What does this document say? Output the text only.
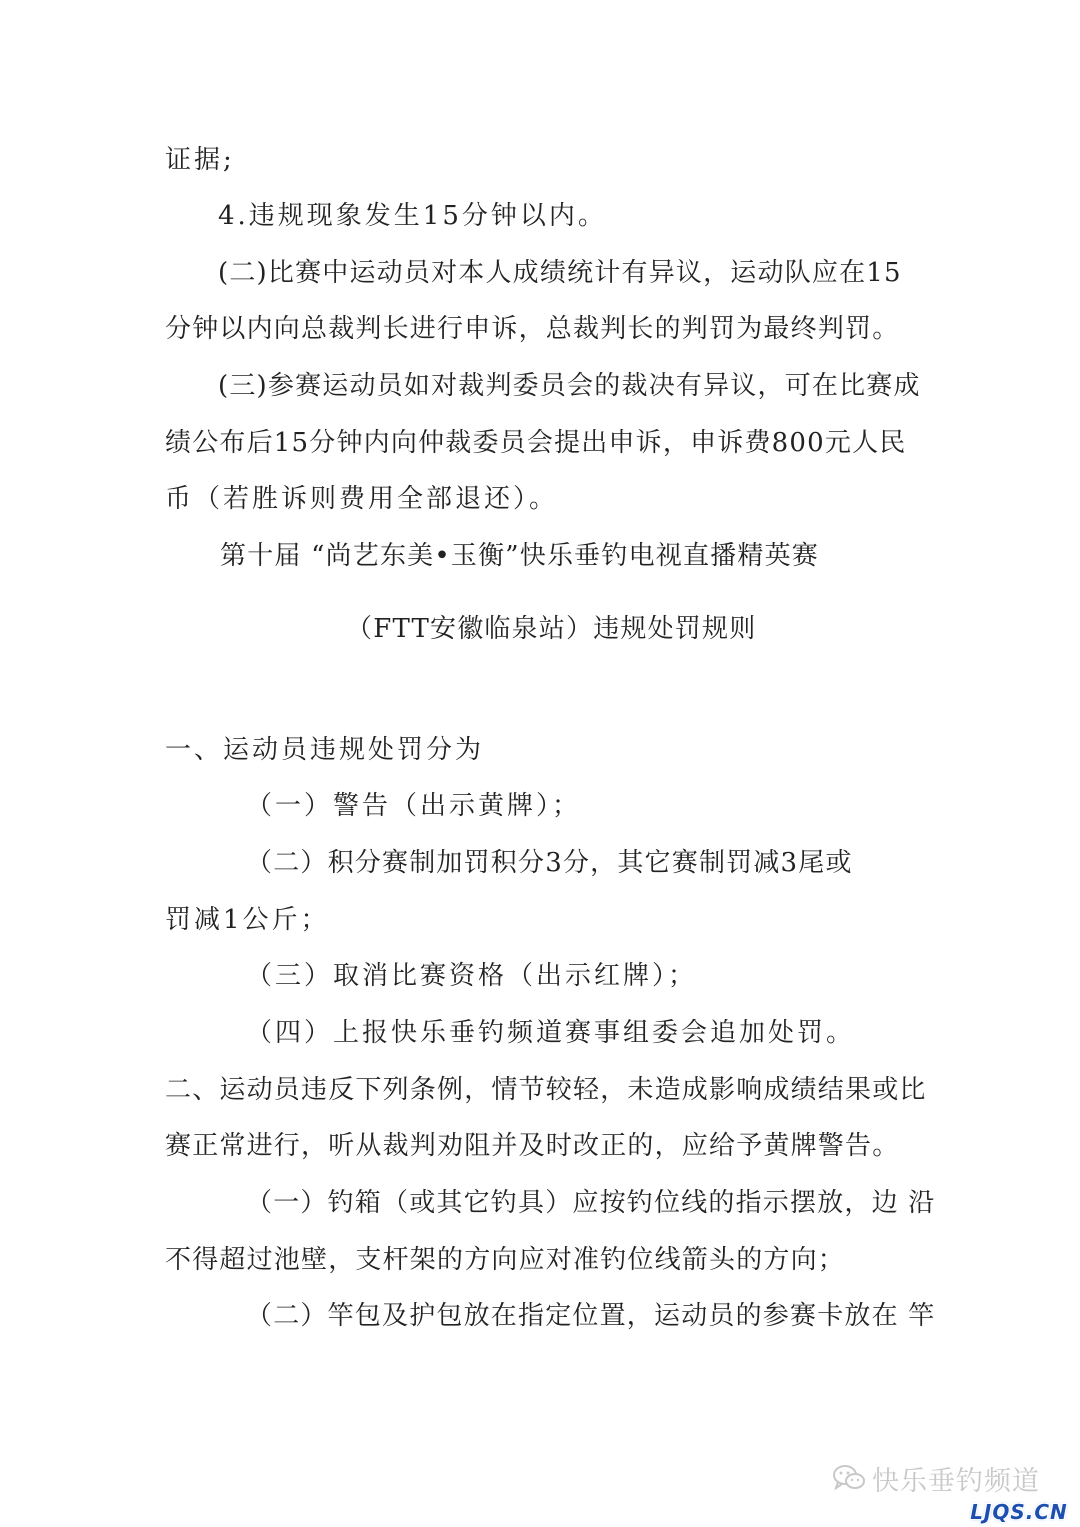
证据;
4.违规现象发生15分钟以内。
(二)比赛中运动员对本人成绩统计有异议，运动队应在15
分钟以内向总裁判长进行申诉，总裁判长的判罚为最终判罚。
(三)参赛运动员如对裁判委员会的裁决有异议，可在比赛成
绩公布后15分钟内向仲裁委员会提出申诉，申诉费800元人民
币（若胜诉则费用全部退还）。
第十届 “尚艺东美•玉衡”快乐垂钓电视直播精英赛
（FTT安徽临泉站）违规处罚规则
一、运动员违规处罚分为
（一）警告（出示黄牌）；
（二）积分赛制加罚积分3分，其它赛制罚减3尾或
罚减1公斤；
（三）取消比赛资格（出示红牌）；
（四）上报快乐垂钓频道赛事组委会追加处罚。
二、运动员违反下列条例，情节较轻，未造成影响成绩结果或比
赛正常进行，听从裁判劝阻并及时改正的，应给予黄牌警告。
（一）钓箱（或其它钓具）应按钓位线的指示摆放，边 沿
不得超过池壁，支杆架的方向应对准钓位线箭头的方向；
（二）竿包及护包放在指定位置，运动员的参赛卡放在 竿
快乐垂钓频道
LJQS.CN
